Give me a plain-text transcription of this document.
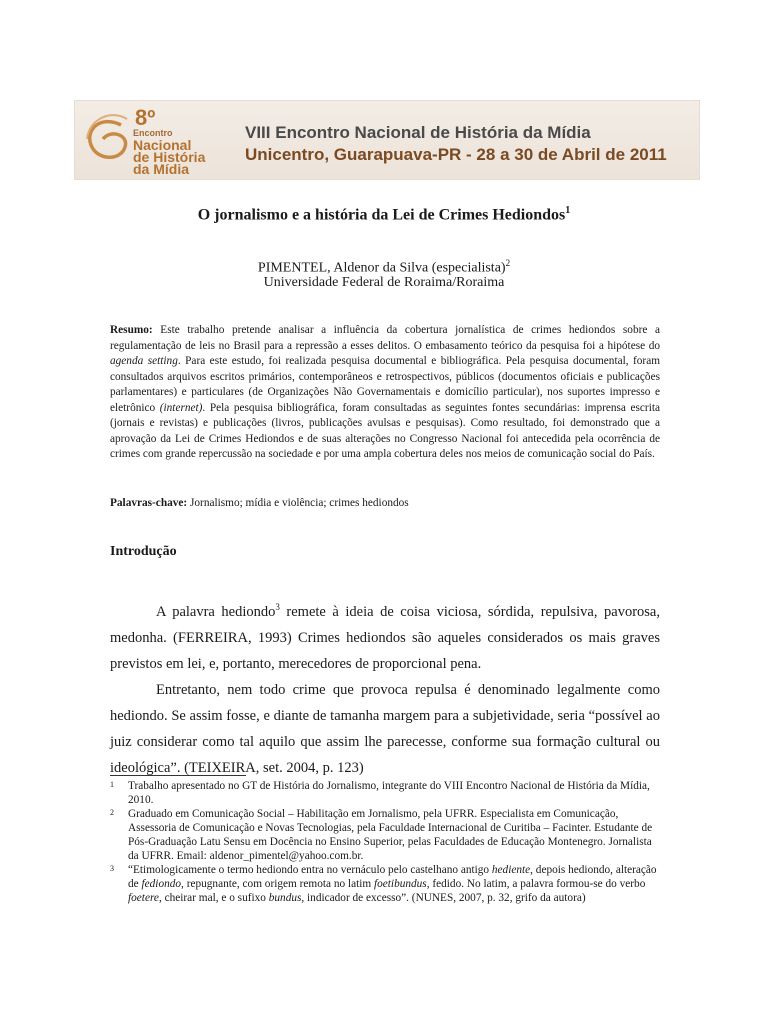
8º
Encontro
Nacional
de História
da Mídia
VIII Encontro Nacional de História da Mídia
Unicentro, Guarapuava-PR - 28 a 30 de Abril de 2011
O jornalismo e a história da Lei de Crimes Hediondos$^1$
PIMENTEL, Aldenor da Silva (especialista)$^2$
Universidade Federal de Roraima/Roraima
Resumo: Este trabalho pretende analisar a influência da cobertura jornalística de crimes hediondos sobre a regulamentação de leis no Brasil para a repressão a esses delitos. O embasamento teórico da pesquisa foi a hipótese do agenda setting. Para este estudo, foi realizada pesquisa documental e bibliográfica. Pela pesquisa documental, foram consultados arquivos escritos primários, contemporâneos e retrospectivos, públicos (documentos oficiais e publicações parlamentares) e particulares (de Organizações Não Governamentais e domicílio particular), nos suportes impresso e eletrônico (internet). Pela pesquisa bibliográfica, foram consultadas as seguintes fontes secundárias: imprensa escrita (jornais e revistas) e publicações (livros, publicações avulsas e pesquisas). Como resultado, foi demonstrado que a aprovação da Lei de Crimes Hediondos e de suas alterações no Congresso Nacional foi antecedida pela ocorrência de crimes com grande repercussão na sociedade e por uma ampla cobertura deles nos meios de comunicação social do País.
Palavras-chave: Jornalismo; mídia e violência; crimes hediondos
Introdução
A palavra hediondo$^3$ remete à ideia de coisa viciosa, sórdida, repulsiva, pavorosa, medonha. (FERREIRA, 1993) Crimes hediondos são aqueles considerados os mais graves previstos em lei, e, portanto, merecedores de proporcional pena.
Entretanto, nem todo crime que provoca repulsa é denominado legalmente como hediondo. Se assim fosse, e diante de tamanha margem para a subjetividade, seria “possível ao juiz considerar como tal aquilo que assim lhe parecesse, conforme sua formação cultural ou ideológica”. (TEIXEIRA, set. 2004, p. 123)
1	Trabalho apresentado no GT de História do Jornalismo, integrante do VIII Encontro Nacional de História da Mídia, 2010.
2	Graduado em Comunicação Social – Habilitação em Jornalismo, pela UFRR. Especialista em Comunicação, Assessoria de Comunicação e Novas Tecnologias, pela Faculdade Internacional de Curitiba – Facinter. Estudante de Pós-Graduação Latu Sensu em Docência no Ensino Superior, pelas Faculdades de Educação Montenegro. Jornalista da UFRR. Email: aldenor_pimentel@yahoo.com.br.
3	“Etimologicamente o termo hediondo entra no vernáculo pelo castelhano antigo hediente, depois hediondo, alteração de fediondo, repugnante, com origem remota no latim foetibundus, fedido. No latim, a palavra formou-se do verbo foetere, cheirar mal, e o sufixo bundus, indicador de excesso”. (NUNES, 2007, p. 32, grifo da autora)
